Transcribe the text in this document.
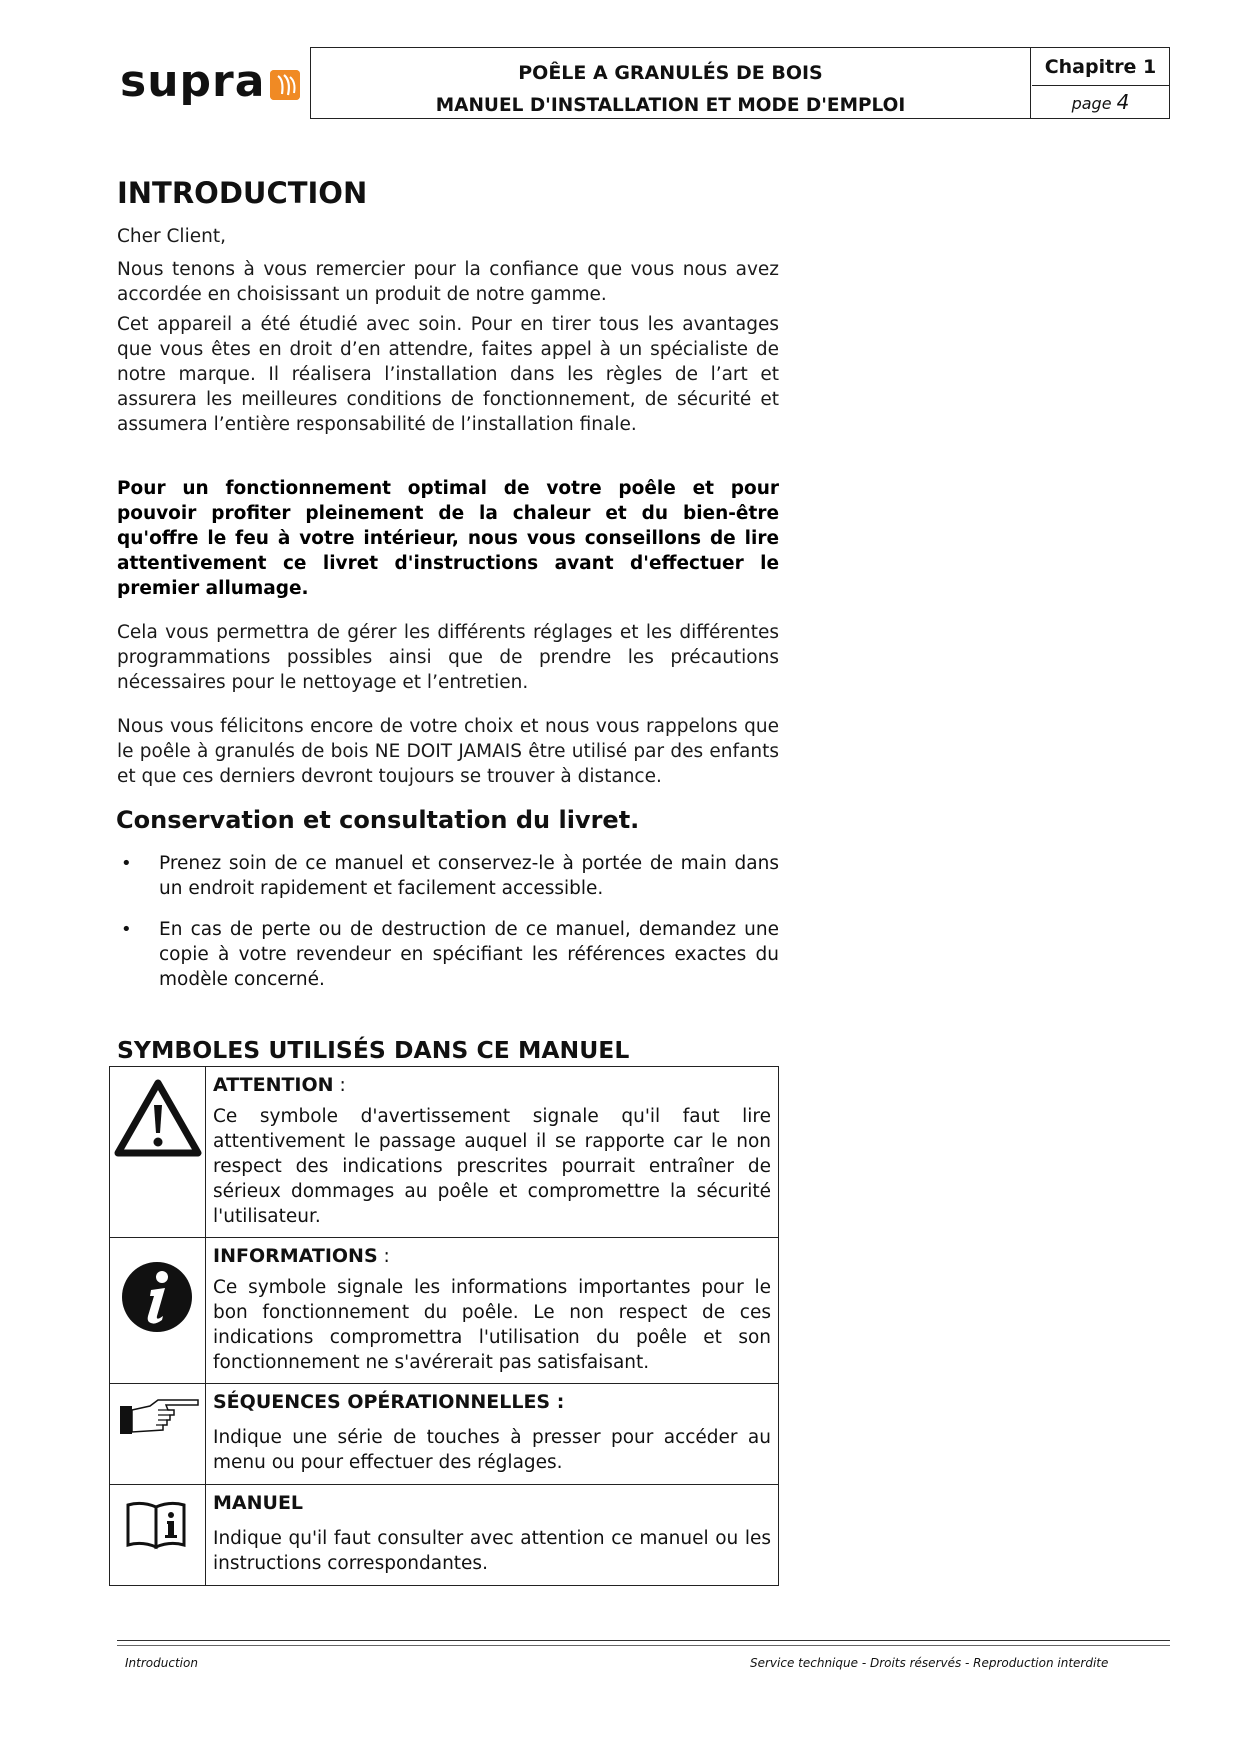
supra	POÊLE A GRANULÉS DE BOIS
MANUEL D'INSTALLATION ET MODE D'EMPLOI
Chapitre 1
page 4
INTRODUCTION
Cher Client,
Nous tenons à vous remercier pour la confiance que vous nous avez accordée en choisissant un produit de notre gamme.
Cet appareil a été étudié avec soin. Pour en tirer tous les avantages que vous êtes en droit d’en attendre, faites appel à un spécialiste de notre marque. Il réalisera l’installation dans les règles de l’art et assurera les meilleures conditions de fonctionnement, de sécurité et assumera l’entière responsabilité de l’installation finale.
Pour un fonctionnement optimal de votre poêle et pour pouvoir profiter pleinement de la chaleur et du bien-être qu'offre le feu à votre intérieur, nous vous conseillons de lire attentivement ce livret d'instructions avant d'effectuer le premier allumage.
Cela vous permettra de gérer les différents réglages et les différentes programmations possibles ainsi que de prendre les précautions nécessaires pour le nettoyage et l’entretien.
Nous vous félicitons encore de votre choix et nous vous rappelons que le poêle à granulés de bois NE DOIT JAMAIS être utilisé par des enfants et que ces derniers devront toujours se trouver à distance.
Conservation et consultation du livret.
• Prenez soin de ce manuel et conservez-le à portée de main dans un endroit rapidement et facilement accessible.
• En cas de perte ou de destruction de ce manuel, demandez une copie à votre revendeur en spécifiant les références exactes du modèle concerné.
SYMBOLES UTILISÉS DANS CE MANUEL

ATTENTION :
Ce symbole d'avertissement signale qu'il faut lire attentivement le passage auquel il se rapporte car le non respect des indications prescrites pourrait entraîner de sérieux dommages au poêle et compromettre la sécurité l'utilisateur.

INFORMATIONS :
Ce symbole signale les informations importantes pour le bon fonctionnement du poêle. Le non respect de ces indications compromettra l'utilisation du poêle et son fonctionnement ne s'avérerait pas satisfaisant.

SÉQUENCES OPÉRATIONNELLES :
Indique une série de touches à presser pour accéder au menu ou pour effectuer des réglages.

MANUEL
Indique qu'il faut consulter avec attention ce manuel ou les instructions correspondantes.
Introduction	Service technique - Droits réservés - Reproduction interdite
